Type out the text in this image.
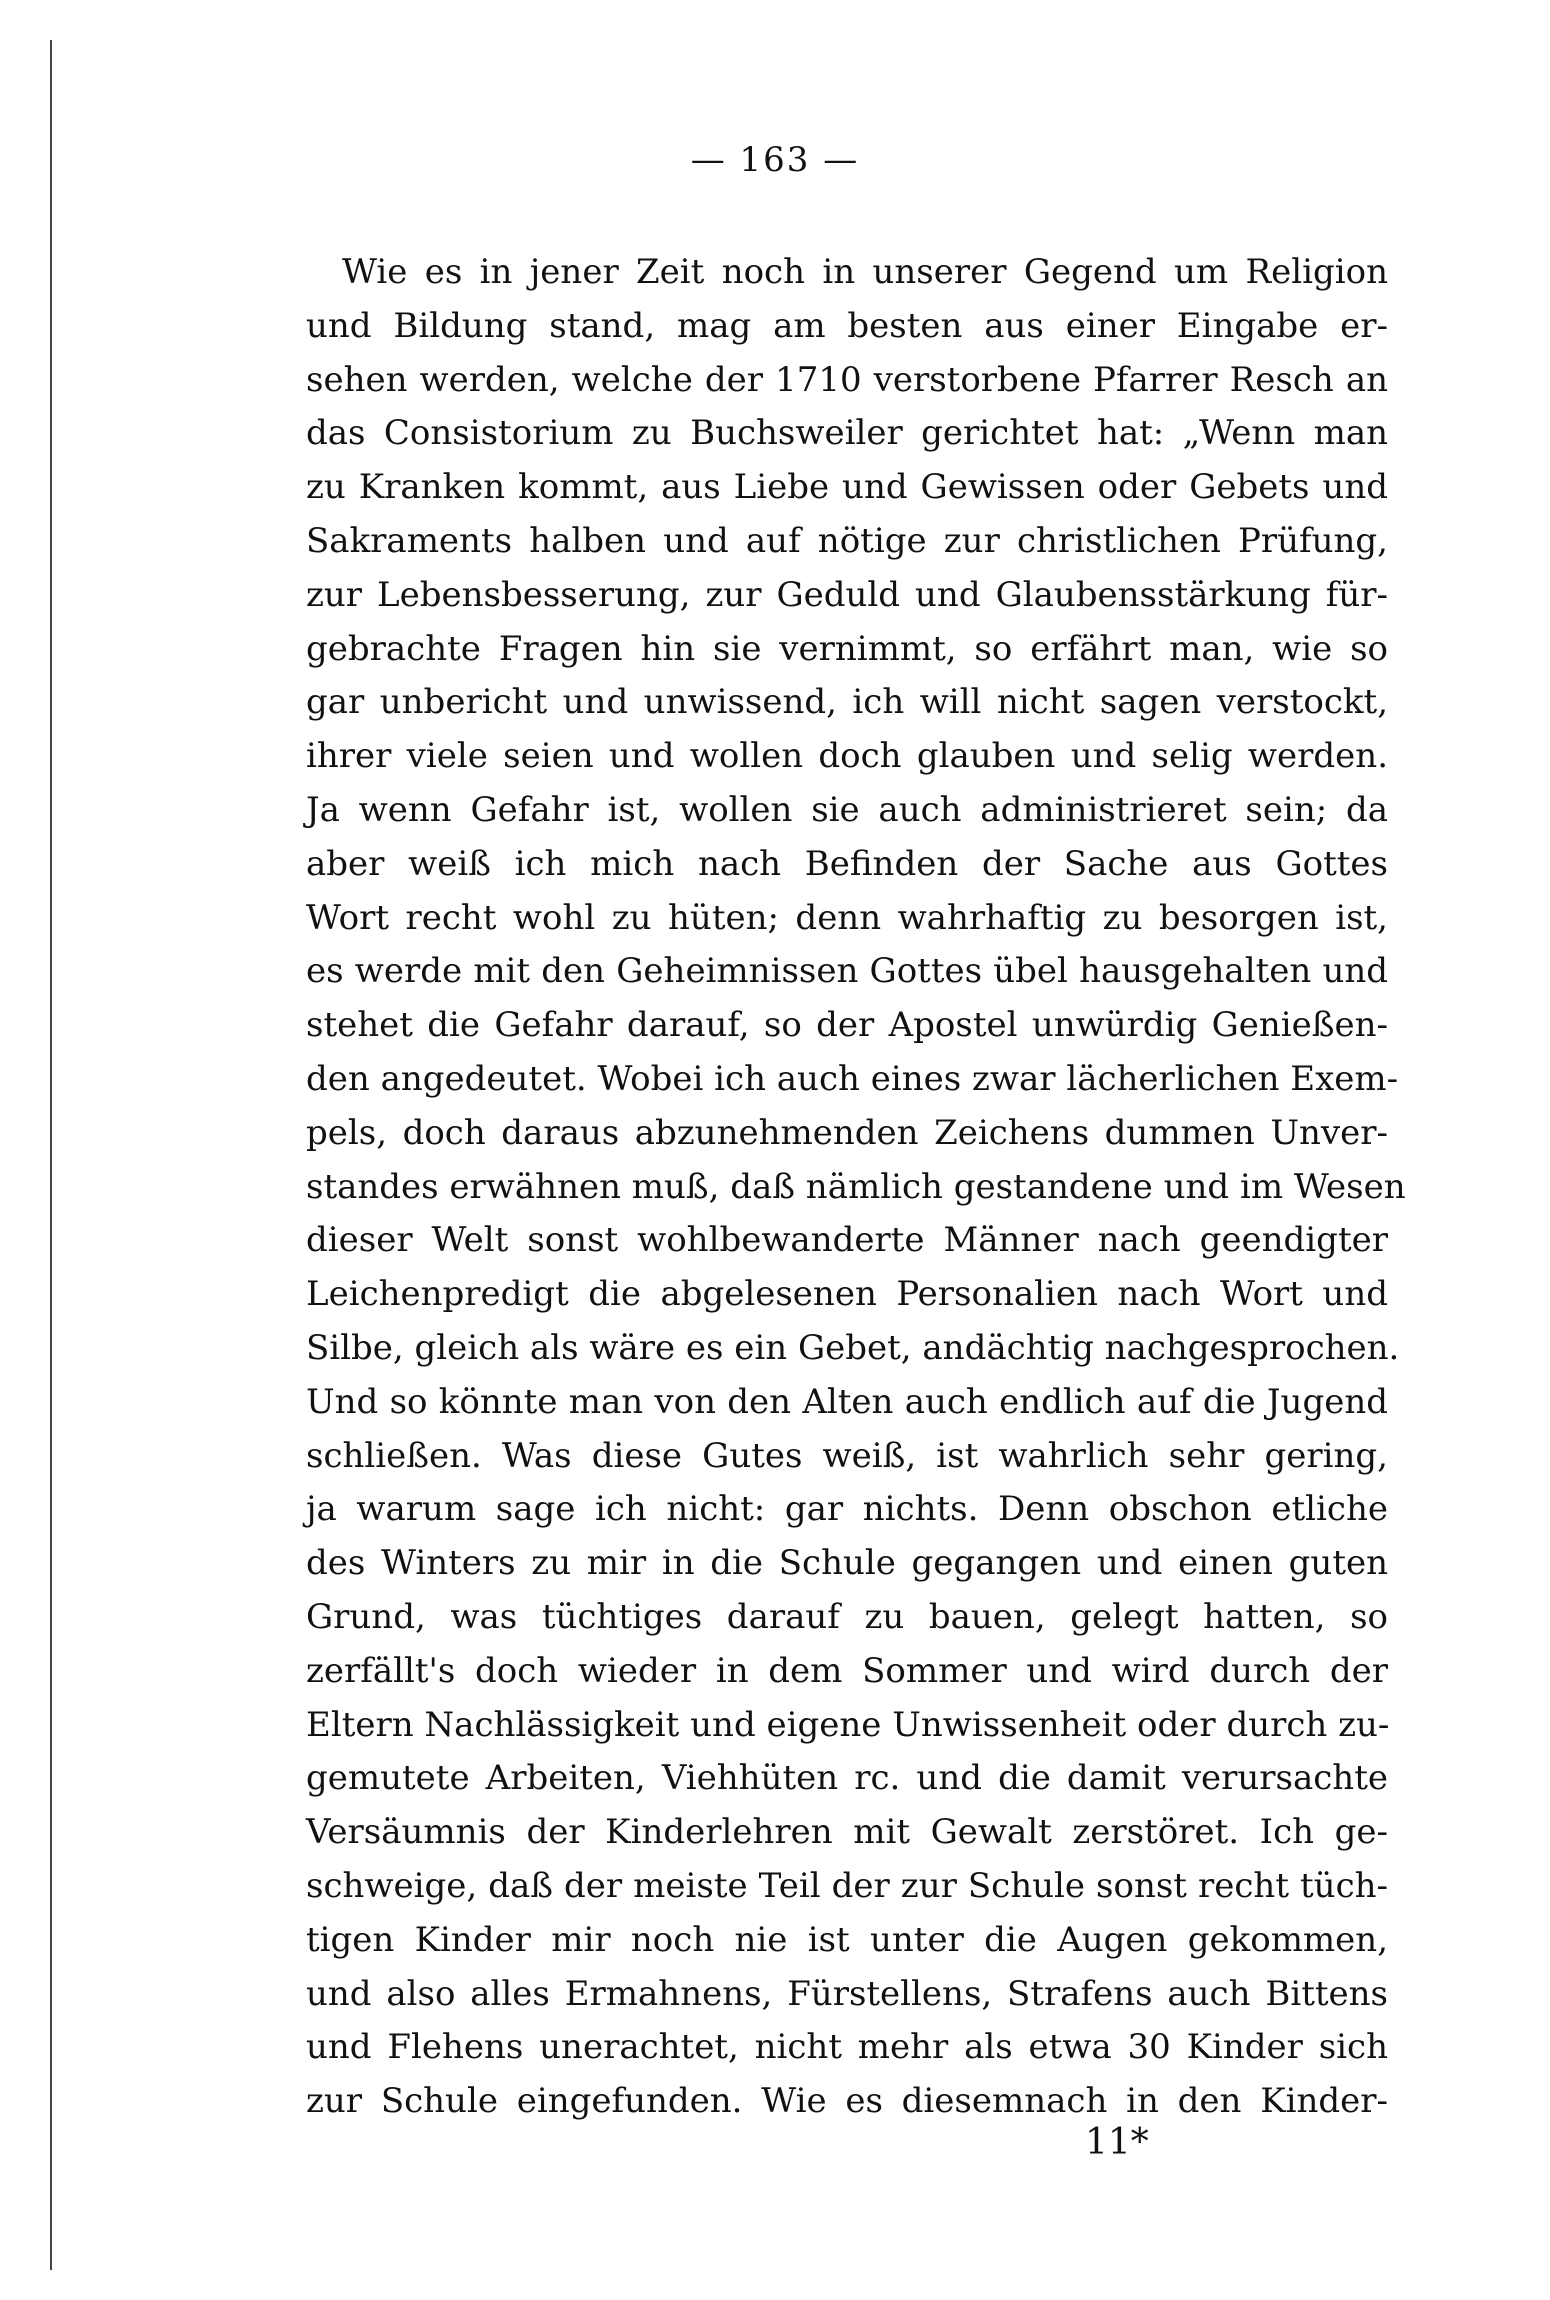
— 163 —
Wie es in jener Zeit noch in unserer Gegend um Religion
und Bildung stand, mag am besten aus einer Eingabe er-
sehen werden, welche der 1710 verstorbene Pfarrer Resch an
das Consistorium zu Buchsweiler gerichtet hat: „Wenn man
zu Kranken kommt, aus Liebe und Gewissen oder Gebets und
Sakraments halben und auf nötige zur christlichen Prüfung,
zur Lebensbesserung, zur Geduld und Glaubensstärkung für-
gebrachte Fragen hin sie vernimmt, so erfährt man, wie so
gar unbericht und unwissend, ich will nicht sagen verstockt,
ihrer viele seien und wollen doch glauben und selig werden.
Ja wenn Gefahr ist, wollen sie auch administrieret sein; da
aber weiß ich mich nach Befinden der Sache aus Gottes
Wort recht wohl zu hüten; denn wahrhaftig zu besorgen ist,
es werde mit den Geheimnissen Gottes übel hausgehalten und
stehet die Gefahr darauf, so der Apostel unwürdig Genießen-
den angedeutet. Wobei ich auch eines zwar lächerlichen Exem-
pels, doch daraus abzunehmenden Zeichens dummen Unver-
standes erwähnen muß, daß nämlich gestandene und im Wesen
dieser Welt sonst wohlbewanderte Männer nach geendigter
Leichenpredigt die abgelesenen Personalien nach Wort und
Silbe, gleich als wäre es ein Gebet, andächtig nachgesprochen.
Und so könnte man von den Alten auch endlich auf die Jugend
schließen. Was diese Gutes weiß, ist wahrlich sehr gering,
ja warum sage ich nicht: gar nichts. Denn obschon etliche
des Winters zu mir in die Schule gegangen und einen guten
Grund, was tüchtiges darauf zu bauen, gelegt hatten, so
zerfällt's doch wieder in dem Sommer und wird durch der
Eltern Nachlässigkeit und eigene Unwissenheit oder durch zu-
gemutete Arbeiten, Viehhüten rc. und die damit verursachte
Versäumnis der Kinderlehren mit Gewalt zerstöret. Ich ge-
schweige, daß der meiste Teil der zur Schule sonst recht tüch-
tigen Kinder mir noch nie ist unter die Augen gekommen,
und also alles Ermahnens, Fürstellens, Strafens auch Bittens
und Flehens unerachtet, nicht mehr als etwa 30 Kinder sich
zur Schule eingefunden. Wie es diesemnach in den Kinder-
11*
